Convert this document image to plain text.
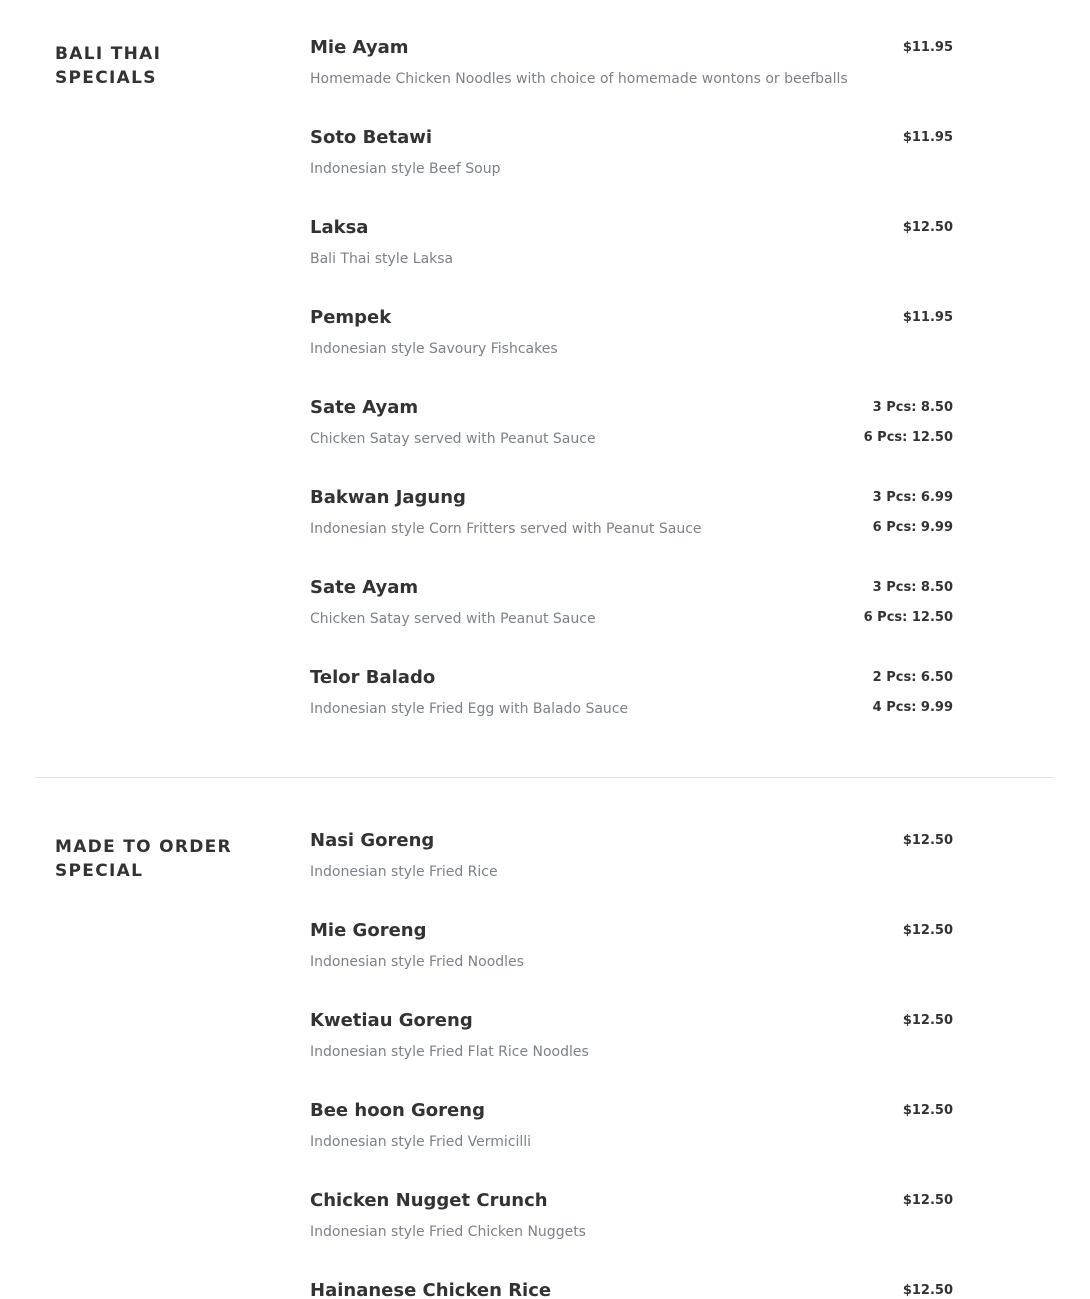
BALI THAI SPECIALS
Mie Ayam
Homemade Chicken Noodles with choice of homemade wontons or beefballs
$11.95
Soto Betawi
Indonesian style Beef Soup
$11.95
Laksa
Bali Thai style Laksa
$12.50
Pempek
Indonesian style Savoury Fishcakes
$11.95
Sate Ayam
Chicken Satay served with Peanut Sauce
3 Pcs: 8.50
6 Pcs: 12.50
Bakwan Jagung
Indonesian style Corn Fritters served with Peanut Sauce
3 Pcs: 6.99
6 Pcs: 9.99
Sate Ayam
Chicken Satay served with Peanut Sauce
3 Pcs: 8.50
6 Pcs: 12.50
Telor Balado
Indonesian style Fried Egg with Balado Sauce
2 Pcs: 6.50
4 Pcs: 9.99
MADE TO ORDER SPECIAL
Nasi Goreng
Indonesian style Fried Rice
$12.50
Mie Goreng
Indonesian style Fried Noodles
$12.50
Kwetiau Goreng
Indonesian style Fried Flat Rice Noodles
$12.50
Bee hoon Goreng
Indonesian style Fried Vermicilli
$12.50
Chicken Nugget Crunch
Indonesian style Fried Chicken Nuggets
$12.50
Hainanese Chicken Rice	$12.50
